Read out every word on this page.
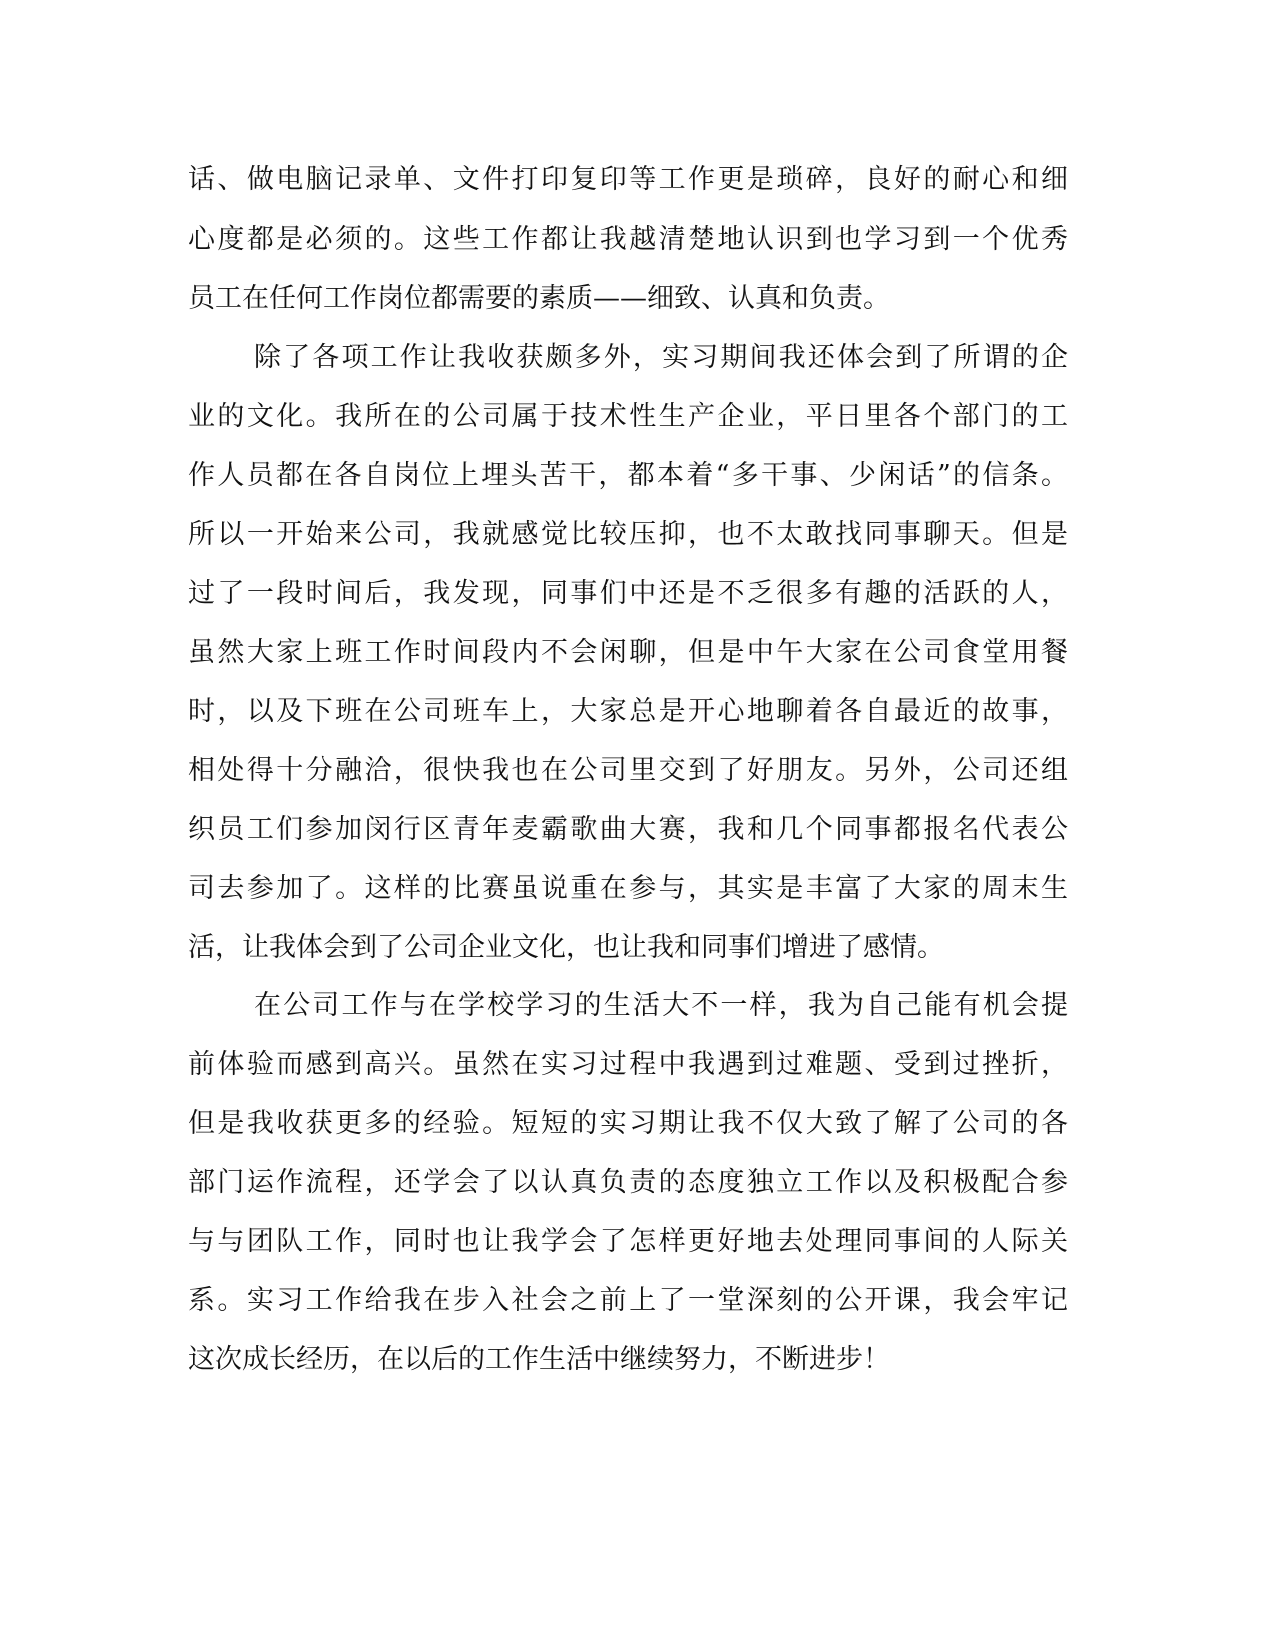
话、做电脑记录单、文件打印复印等工作更是琐碎，良好的耐心和细
心度都是必须的。这些工作都让我越清楚地认识到也学习到一个优秀
员工在任何工作岗位都需要的素质——细致、认真和负责。
除了各项工作让我收获颇多外，实习期间我还体会到了所谓的企
业的文化。我所在的公司属于技术性生产企业，平日里各个部门的工
作人员都在各自岗位上埋头苦干，都本着“多干事、少闲话”的信条。
所以一开始来公司，我就感觉比较压抑，也不太敢找同事聊天。但是
过了一段时间后，我发现，同事们中还是不乏很多有趣的活跃的人，
虽然大家上班工作时间段内不会闲聊，但是中午大家在公司食堂用餐
时，以及下班在公司班车上，大家总是开心地聊着各自最近的故事，
相处得十分融洽，很快我也在公司里交到了好朋友。另外，公司还组
织员工们参加闵行区青年麦霸歌曲大赛，我和几个同事都报名代表公
司去参加了。这样的比赛虽说重在参与，其实是丰富了大家的周末生
活，让我体会到了公司企业文化，也让我和同事们增进了感情。
在公司工作与在学校学习的生活大不一样，我为自己能有机会提
前体验而感到高兴。虽然在实习过程中我遇到过难题、受到过挫折，
但是我收获更多的经验。短短的实习期让我不仅大致了解了公司的各
部门运作流程，还学会了以认真负责的态度独立工作以及积极配合参
与与团队工作，同时也让我学会了怎样更好地去处理同事间的人际关
系。实习工作给我在步入社会之前上了一堂深刻的公开课，我会牢记
这次成长经历，在以后的工作生活中继续努力，不断进步！
